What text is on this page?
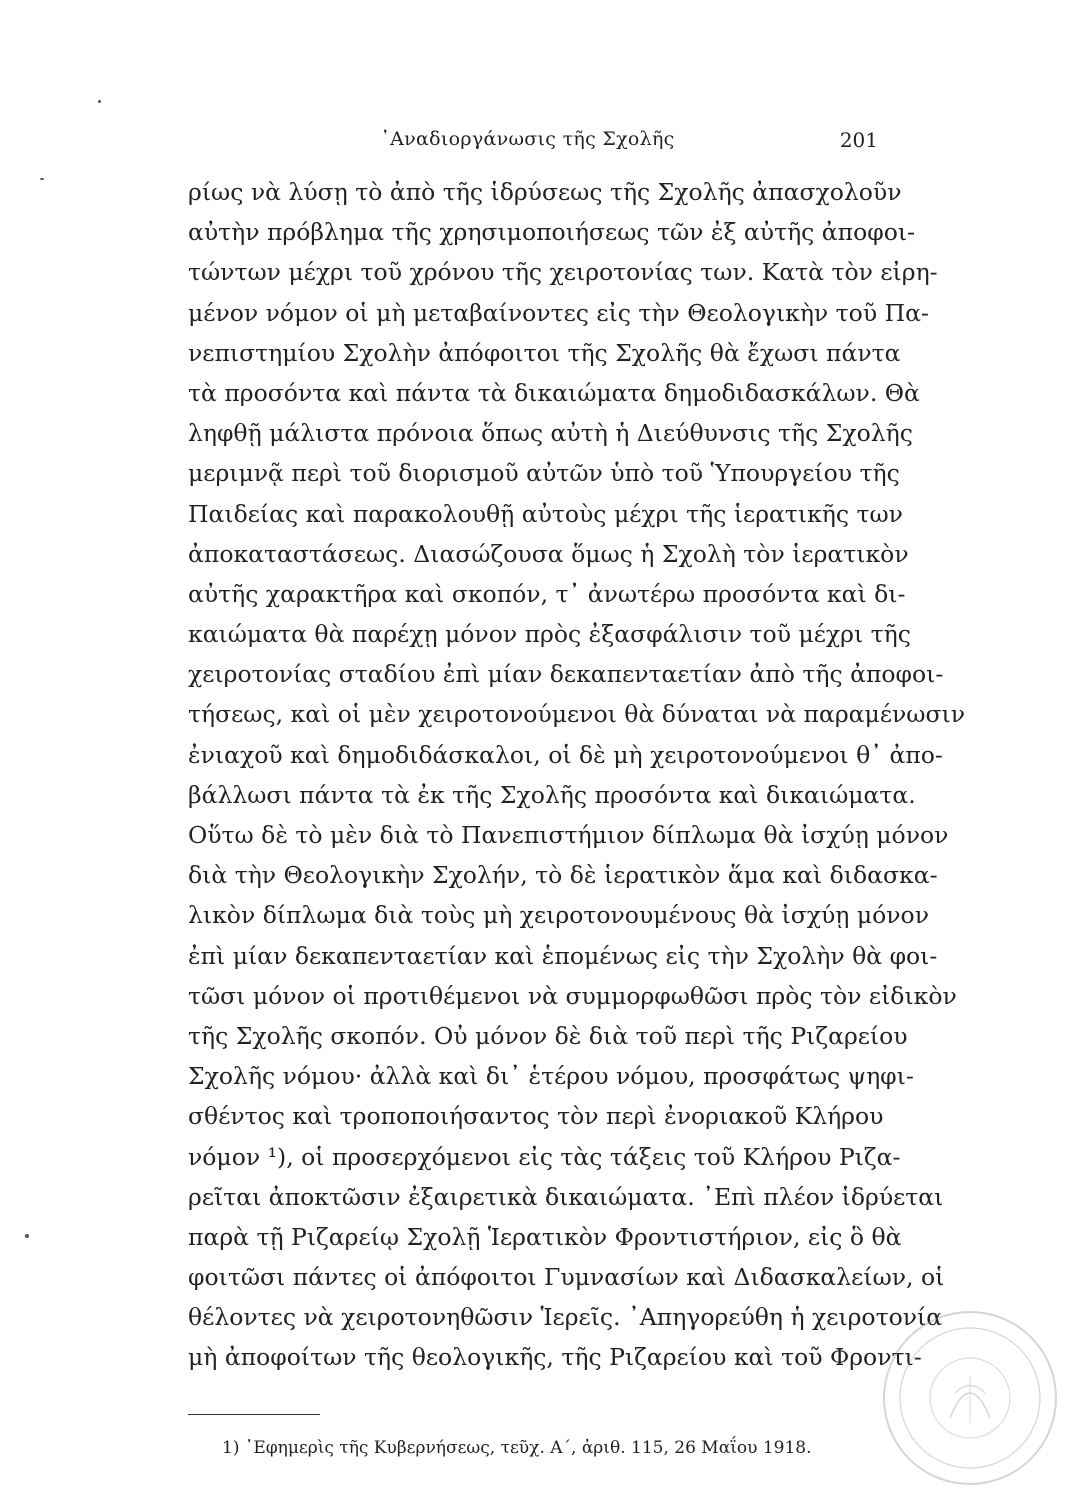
᾿Αναδιοργάνωσις τῆς Σχολῆς	201
ρίως νὰ λύσῃ τὸ ἀπὸ τῆς ἱδρύσεως τῆς Σχολῆς ἀπασχολοῦν
αὐτὴν πρόβλημα τῆς χρησιμοποιήσεως τῶν ἐξ αὐτῆς ἀποφοι-
τώντων μέχρι τοῦ χρόνου τῆς χειροτονίας των. Κατὰ τὸν εἰρη-
μένον νόμον οἱ μὴ μεταβαίνοντες εἰς τὴν Θεολογικὴν τοῦ Πα-
νεπιστημίου Σχολὴν ἀπόφοιτοι τῆς Σχολῆς θὰ ἔχωσι πάντα
τὰ προσόντα καὶ πάντα τὰ δικαιώματα δημοδιδασκάλων. Θὰ
ληφθῇ μάλιστα πρόνοια ὅπως αὐτὴ ἡ Διεύθυνσις τῆς Σχολῆς
μεριμνᾷ περὶ τοῦ διορισμοῦ αὐτῶν ὑπὸ τοῦ Ὑπουργείου τῆς
Παιδείας καὶ παρακολουθῇ αὐτοὺς μέχρι τῆς ἱερατικῆς των
ἀποκαταστάσεως. Διασώζουσα ὅμως ἡ Σχολὴ τὸν ἱερατικὸν
αὐτῆς χαρακτῆρα καὶ σκοπόν, τ᾿ ἀνωτέρω προσόντα καὶ δι-
καιώματα θὰ παρέχῃ μόνον πρὸς ἐξασφάλισιν τοῦ μέχρι τῆς
χειροτονίας σταδίου ἐπὶ μίαν δεκαπενταετίαν ἀπὸ τῆς ἀποφοι-
τήσεως, καὶ οἱ μὲν χειροτονούμενοι θὰ δύναται νὰ παραμένωσιν
ἐνιαχοῦ καὶ δημοδιδάσκαλοι, οἱ δὲ μὴ χειροτονούμενοι θ᾿ ἀπο-
βάλλωσι πάντα τὰ ἐκ τῆς Σχολῆς προσόντα καὶ δικαιώματα.
Οὕτω δὲ τὸ μὲν διὰ τὸ Πανεπιστήμιον δίπλωμα θὰ ἰσχύῃ μόνον
διὰ τὴν Θεολογικὴν Σχολήν, τὸ δὲ ἱερατικὸν ἅμα καὶ διδασκα-
λικὸν δίπλωμα διὰ τοὺς μὴ χειροτονουμένους θὰ ἰσχύῃ μόνον
ἐπὶ μίαν δεκαπενταετίαν καὶ ἑπομένως εἰς τὴν Σχολὴν θὰ φοι-
τῶσι μόνον οἱ προτιθέμενοι νὰ συμμορφωθῶσι πρὸς τὸν εἰδικὸν
τῆς Σχολῆς σκοπόν. Οὐ μόνον δὲ διὰ τοῦ περὶ τῆς Ριζαρείου
Σχολῆς νόμου· ἀλλὰ καὶ δι᾿ ἑτέρου νόμου, προσφάτως ψηφι-
σθέντος καὶ τροποποιήσαντος τὸν περὶ ἐνοριακοῦ Κλήρου
νόμον ¹), οἱ προσερχόμενοι εἰς τὰς τάξεις τοῦ Κλήρου Ριζα-
ρεῖται ἀποκτῶσιν ἐξαιρετικὰ δικαιώματα. ᾿Επὶ πλέον ἱδρύεται
παρὰ τῇ Ριζαρείῳ Σχολῇ Ἱερατικὸν Φροντιστήριον, εἰς ὃ θὰ
φοιτῶσι πάντες οἱ ἀπόφοιτοι Γυμνασίων καὶ Διδασκαλείων, οἱ
θέλοντες νὰ χειροτονηθῶσιν Ἱερεῖς. ᾿Απηγορεύθη ἡ χειροτονία
μὴ ἀποφοίτων τῆς θεολογικῆς, τῆς Ριζαρείου καὶ τοῦ Φροντι-
1) ᾿Εφημερὶς τῆς Κυβερνήσεως, τεῦχ. Α΄, ἀριθ. 115, 26 Μαΐου 1918.
